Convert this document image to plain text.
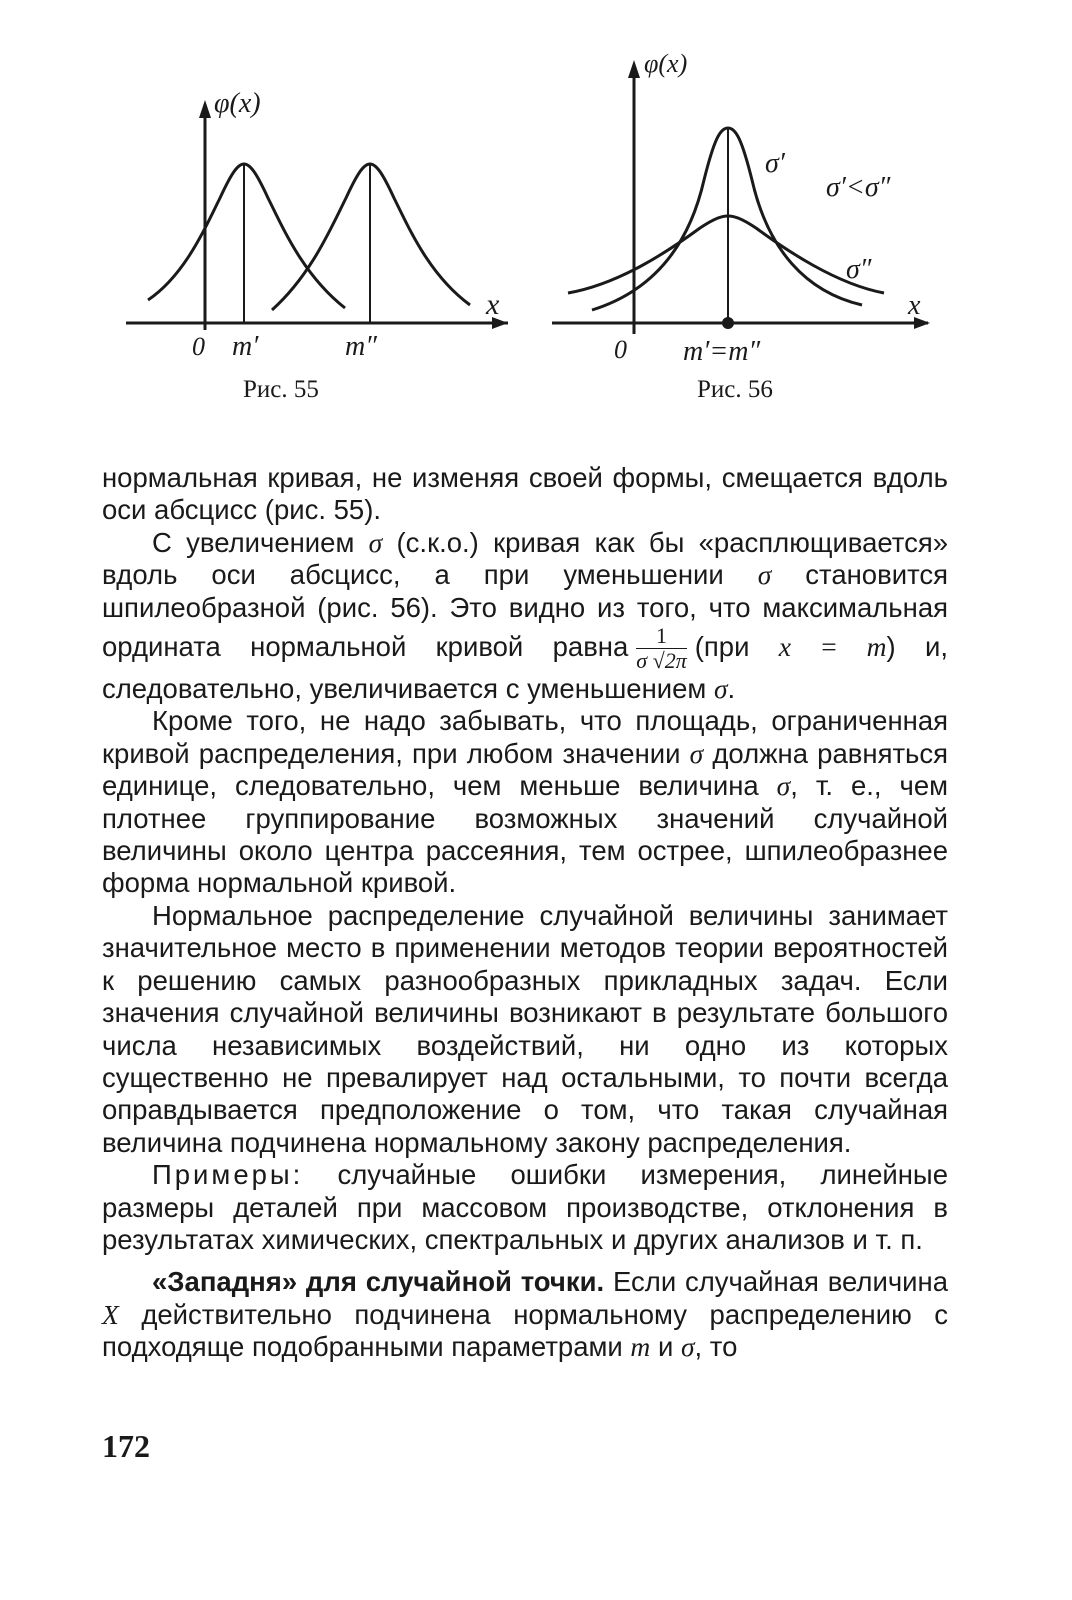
φ(x)
x
0 m′	m″
φ(x)
x
0 m′=m″
σ′
σ′<σ″
σ″
Рис. 55	Рис. 56

нормальная кривая, не изменяя своей формы, смещается вдоль оси абсцисс (рис. 55).

С увеличением σ (с.к.о.) кривая как бы «расплющивается» вдоль оси абсцисс, а при уменьшении σ становится шпилеобразной (рис. 56). Это видно из того, что максимальная ордината нормальной кривой равна $\frac{1}{\sigma √2\pi} (при$ x = m) и, следовательно, увеличивается с уменьшением σ.

Кроме того, не надо забывать, что площадь, ограниченная кривой распределения, при любом значении σ должна равняться единице, следовательно, чем меньше величина σ, т. е., чем плотнее группирование возможных значений случайной величины около центра рассеяния, тем острее, шпилеобразнее форма нормальной кривой.

Нормальное распределение случайной величины занимает значительное место в применении методов теории вероятностей к решению самых разнообразных прикладных задач. Если значения случайной величины возникают в результате большого числа независимых воздействий, ни одно из которых существенно не превалирует над остальными, то почти всегда оправдывается предположение о том, что такая случайная величина подчинена нормальному закону распределения.

Примеры: случайные ошибки измерения, линейные размеры деталей при массовом производстве, отклонения в результатах химических, спектральных и других анализов и т. п.

«Западня» для случайной точки. Если случайная величина X действительно подчинена нормальному распределению с подходяще подобранными параметрами m и σ, то

172
